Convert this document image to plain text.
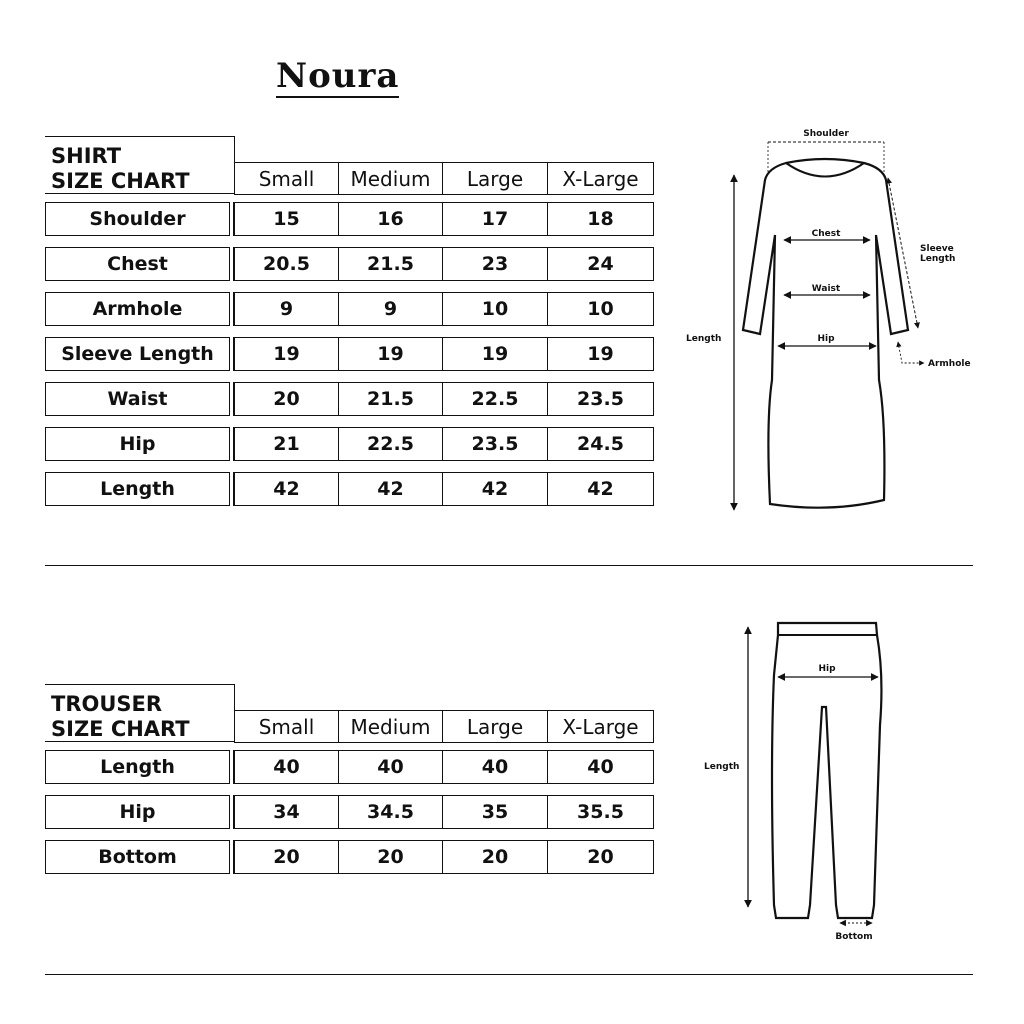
Noura
SHIRT
SIZE CHART	Small Medium Large X-Large
Shoulder	15	16	17	18
Chest	20.5	21.5	23	24
Armhole	9	9	10	10
Sleeve Length	19	19	19	19
Waist	20	21.5	22.5	23.5
Hip	21	22.5	23.5	24.5
Length	42	42	42	42
Shoulder
Chest
Waist
Hip
Length
Sleeve
Length
Armhole
TROUSER
SIZE CHART	Small Medium Large X-Large
Length	40	40	40	40
Hip	34	34.5	35	35.5
Bottom	20	20	20	20
Hip
Length
Bottom
